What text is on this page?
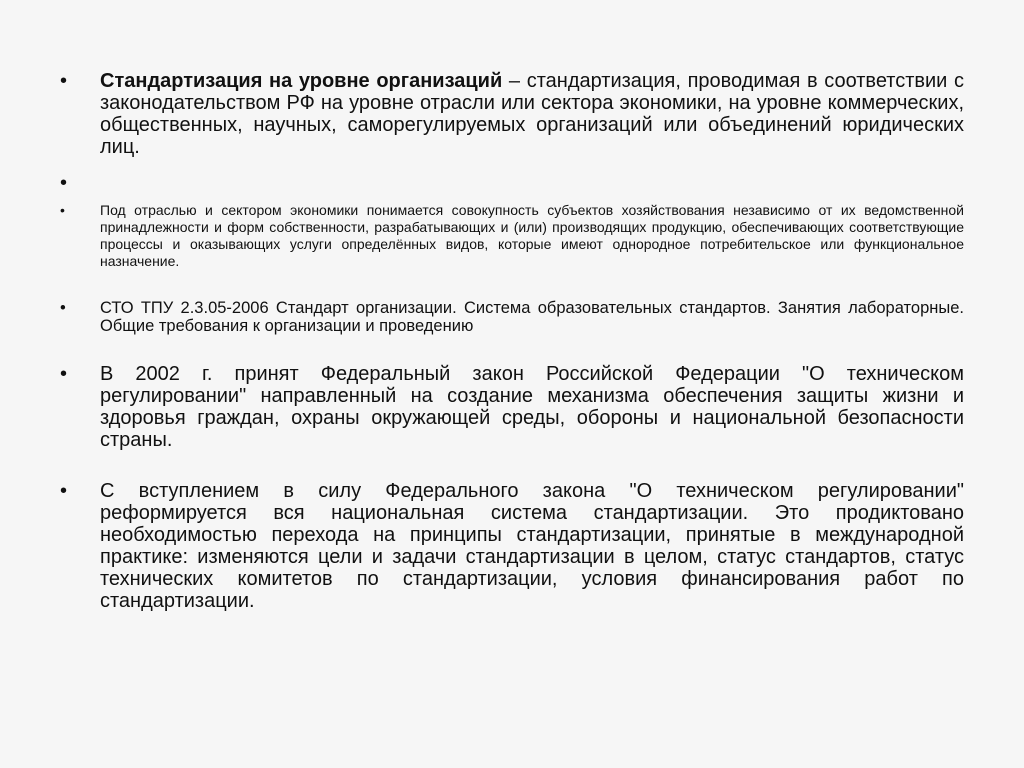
•	Стандартизация на уровне организаций – стандартизация, проводимая в соответствии с законодательством РФ на уровне отрасли или сектора экономики, на уровне коммерческих, общественных, научных, саморегулируемых организаций или объединений юридических лиц.
•
•	Под отраслью и сектором экономики понимается совокупность субъектов хозяйствования независимо от их ведомственной принадлежности и форм собственности, разрабатывающих и (или) производящих продукцию, обеспечивающих соответствующие процессы и оказывающих услуги определённых видов, которые имеют однородное потребительское или функциональное назначение.
•	СТО ТПУ 2.3.05-2006 Стандарт организации. Система образовательных стандартов. Занятия лабораторные. Общие требования к организации и проведению
•	В 2002 г. принят Федеральный закон Российской Федерации "О техническом регулировании" направленный на создание механизма обеспечения защиты жизни и здоровья граждан, охраны окружающей среды, обороны и национальной безопасности страны.
•	С вступлением в силу Федерального закона "О техническом регулировании" реформируется вся национальная система стандартизации. Это продиктовано необходимостью перехода на принципы стандартизации, принятые в международной практике: изменяются цели и задачи стандартизации в целом, статус стандартов, статус технических комитетов по стандартизации, условия финансирования работ по стандартизации.
